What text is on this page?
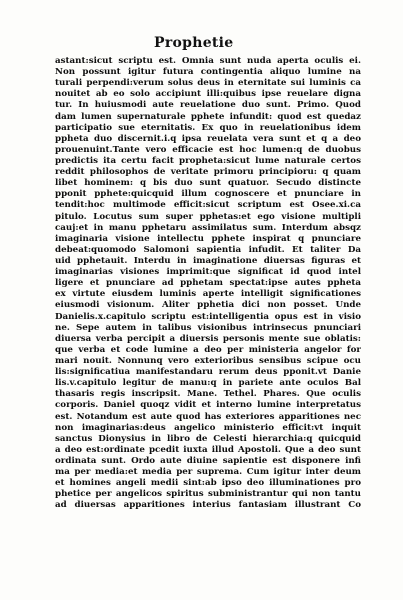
Prophetie
astant:sicut scriptu est. Omnia sunt nuda aperta oculis ei.
Non possunt igitur futura contingentia aliquo lumine na
turali perpendi:verum solus deus in eternitate sui luminis ca
nouitet ab eo solo accipiunt illi:quibus ipse reuelare digna
tur. In huiusmodi aute reuelatione duo sunt. Primo. Quod
dam lumen supernaturale pphete infundit: quod est quedaz
participatio sue eternitatis. Ex quo in reuelationibus idem
pphetа duo discernit.i.q ipsa reuelata vera sunt et q a deo
prouenuint.Tante vero efficacie est hoc lumen:q de duobus
predictis ita certu facit prophetа:sicut lume naturale certos
reddit philosophos de veritate primoru principioru: q quam
libet hominem: q bis duo sunt quatuor. Secudo distincte
pponit pphete:quicquid illum cognoscere et pnunciare in
tendit:hoc multimode efficit:sicut scriptum est Osee.xi.ca
pitulo. Locutus sum super pphetas:et ego visione multipli
cauj:et in manu pphetaru assimilatus sum. Interdum absqz
imaginaria visione intellectu pphete inspirat q pnunciare
debeat:quomodo Salomoni sapientia infudit. Et taliter Da
uid pphetauit. Interdu in imaginatione diuersas figuras et
imaginarias visiones imprimit:que significat id quod intel
ligere et pnunciare ad pphetam spectat:ipse autes pphetа
ex virtute eiusdem luminis aperte intelligit significationes
eiusmodi visionum. Aliter pphetia dici non posset. Unde
Danielis.x.capitulo scriptu est:intelligentia opus est in visio
ne. Sepe autem in talibus visionibus intrinsecus pnunciari
diuersa verba percipit a diuersis personis mente sue oblatis:
que verba et code lumine a deo per ministeria angelor for
mari nouit. Nonnunq vero exterioribus sensibus scipue ocu
lis:significatiua manifestandaru rerum deus pponit.vt Danie
lis.v.capitulo legitur de manu:q in pariete ante oculos Bal
thasaris regis inscripsit. Mane. Tethel. Phares. Que oculis
corporis. Daniel quoqz vidit et interno lumine interpretatus
est. Notandum est aute quod has exteriores apparitiones nec
non imaginarias:deus angelico ministerio efficit:vt inquit
sanctus Dionysius in libro de Celesti hierarchia:q quicquid
a deo est:ordinate pcedit iuxta illud Apostoli. Que a deo sunt
ordinata sunt. Ordo aute diuine sapientie est disponere infi
ma per media:et media per suprema. Cum igitur inter deum
et homines angeli medii sint:ab ipso deo illuminationes pro
phetice per angelicos spiritus subministrantur qui non tantu
ad diuersas apparitiones interius fantasiam illustrant Co
